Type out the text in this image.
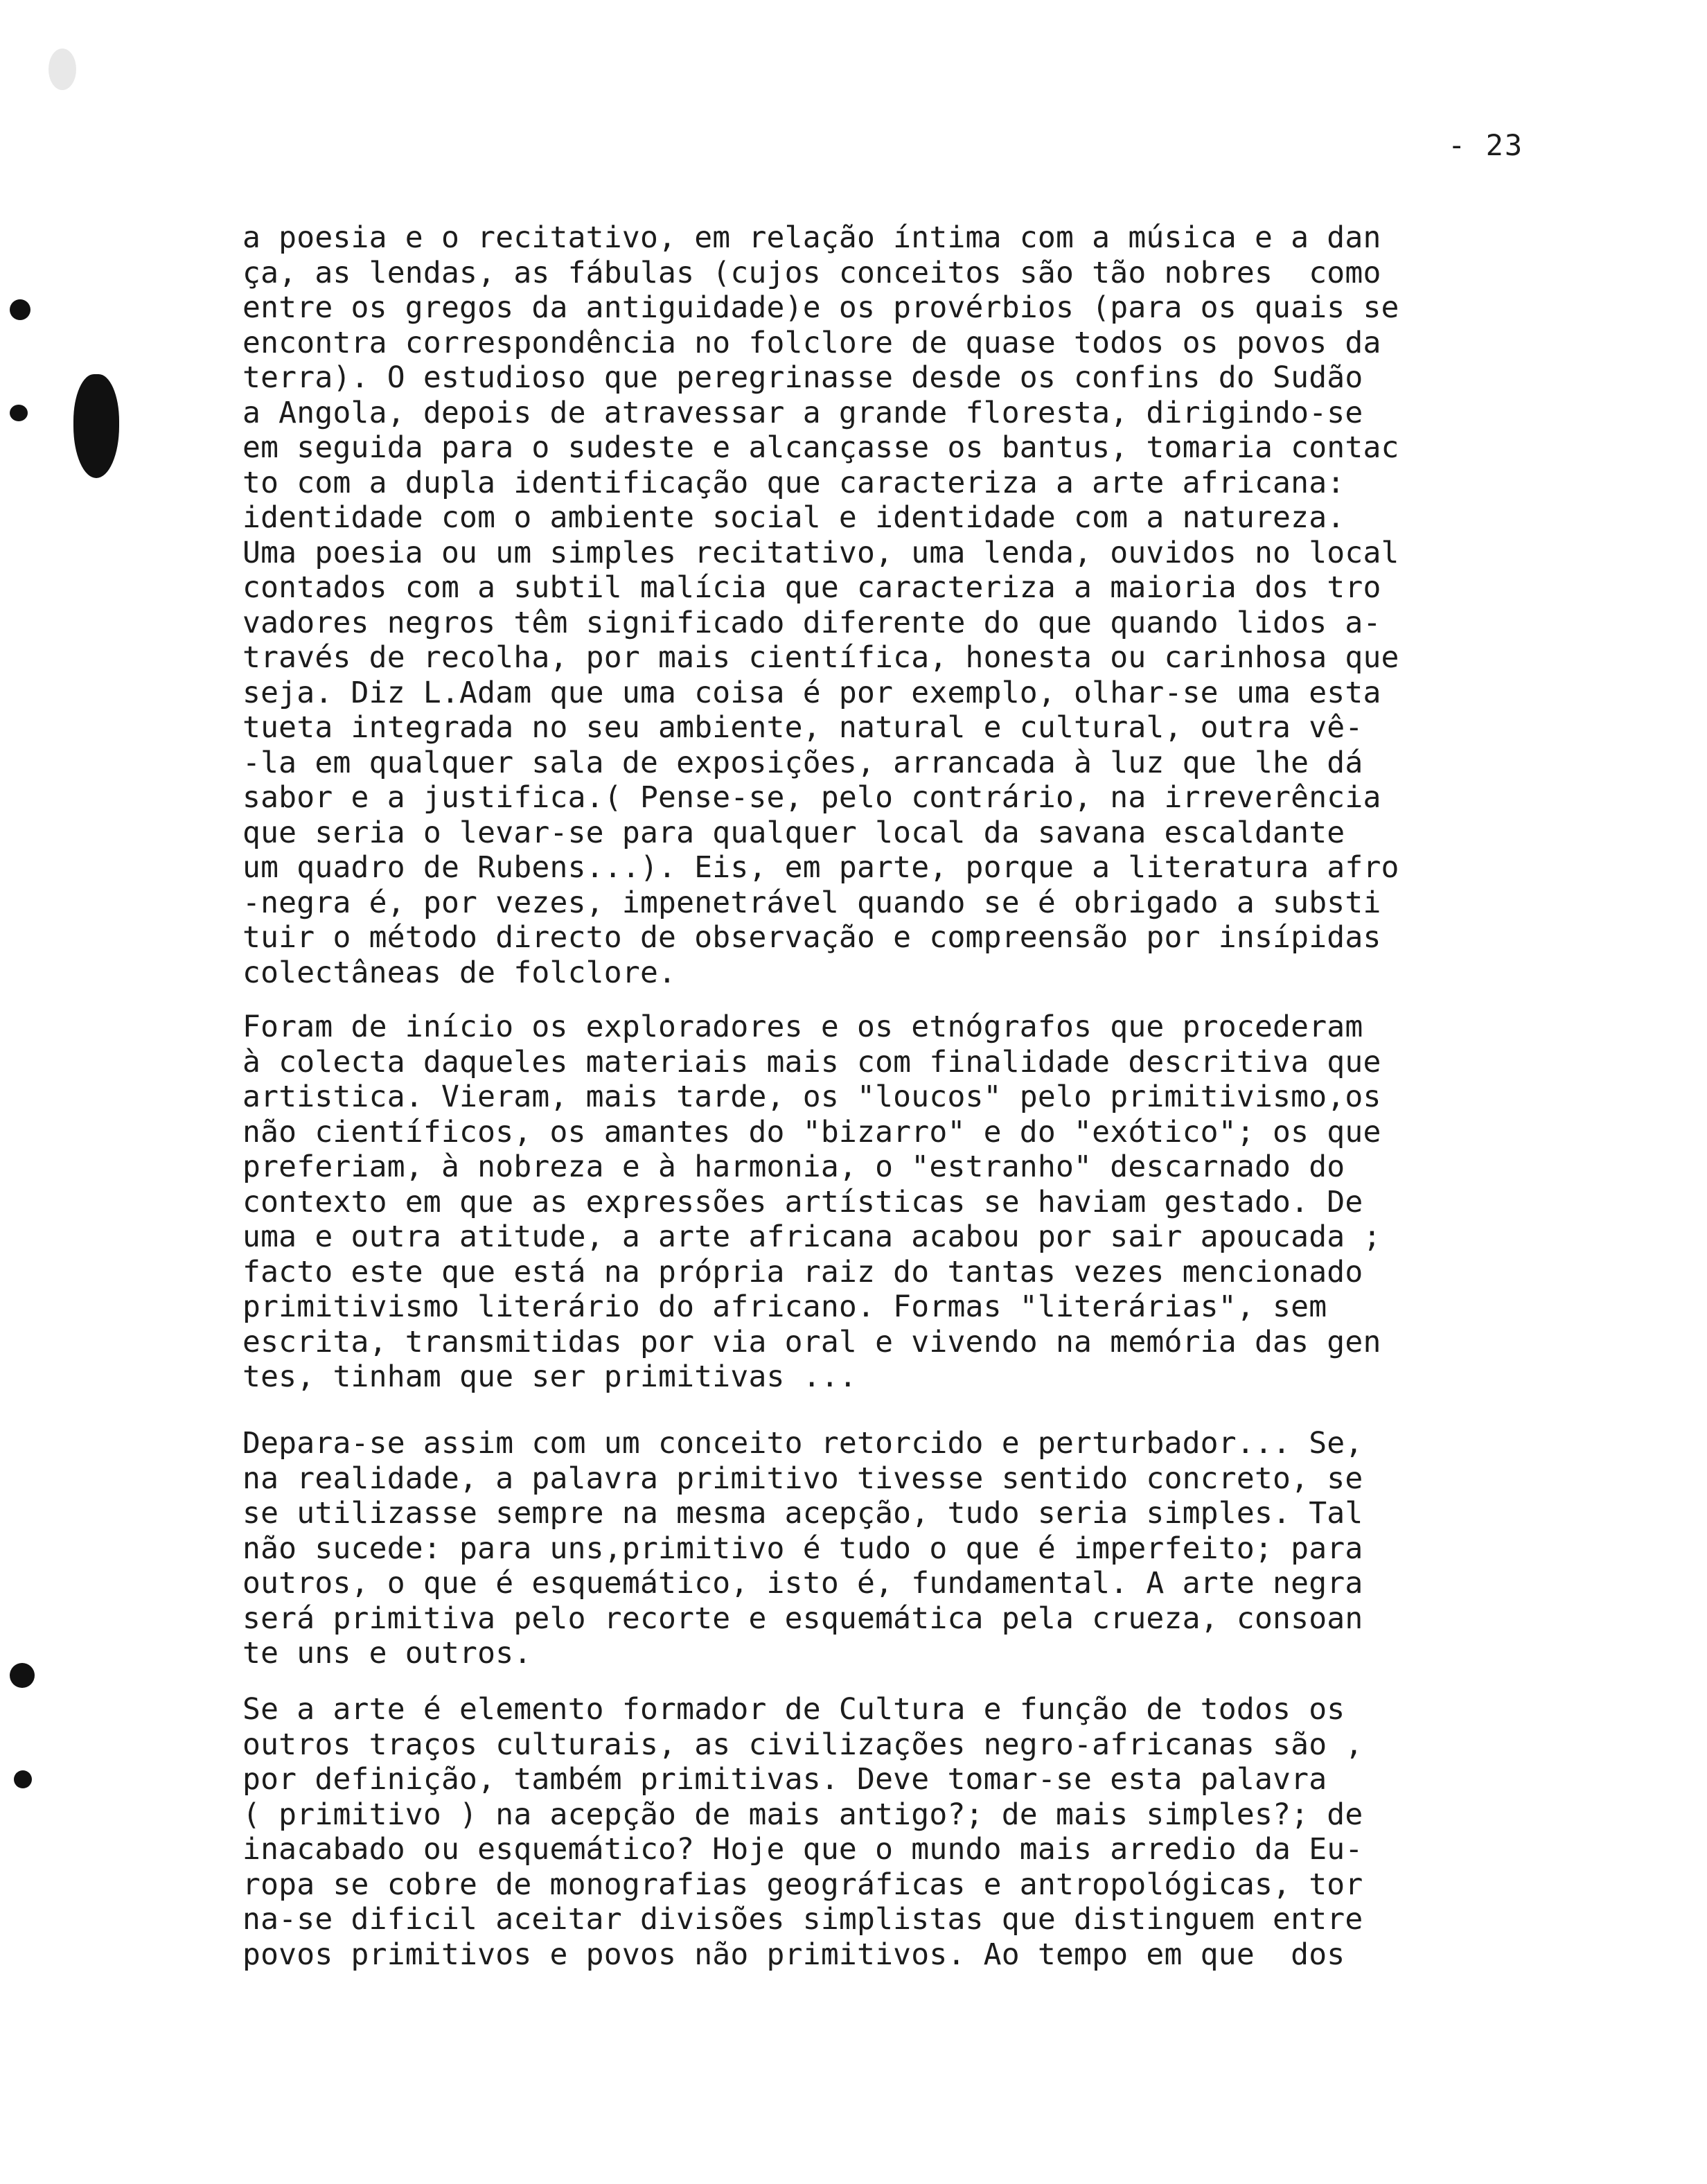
- 23
a poesia e o recitativo, em relação íntima com a música e a dan
ça, as lendas, as fábulas (cujos conceitos são tão nobres  como
entre os gregos da antiguidade)e os provérbios (para os quais se
encontra correspondência no folclore de quase todos os povos da
terra). O estudioso que peregrinasse desde os confins do Sudão
a Angola, depois de atravessar a grande floresta, dirigindo-se
em seguida para o sudeste e alcançasse os bantus, tomaria contac
to com a dupla identificação que caracteriza a arte africana:
identidade com o ambiente social e identidade com a natureza.
Uma poesia ou um simples recitativo, uma lenda, ouvidos no local
contados com a subtil malícia que caracteriza a maioria dos tro
vadores negros têm significado diferente do que quando lidos a-
través de recolha, por mais científica, honesta ou carinhosa que
seja. Diz L.Adam que uma coisa é por exemplo, olhar-se uma esta
tueta integrada no seu ambiente, natural e cultural, outra vê-
-la em qualquer sala de exposições, arrancada à luz que lhe dá
sabor e a justifica.( Pense-se, pelo contrário, na irreverência
que seria o levar-se para qualquer local da savana escaldante
um quadro de Rubens...). Eis, em parte, porque a literatura afro
-negra é, por vezes, impenetrável quando se é obrigado a substi
tuir o método directo de observação e compreensão por insípidas
colectâneas de folclore.
Foram de início os exploradores e os etnógrafos que procederam
à colecta daqueles materiais mais com finalidade descritiva que
artistica. Vieram, mais tarde, os "loucos" pelo primitivismo,os
não científicos, os amantes do "bizarro" e do "exótico"; os que
preferiam, à nobreza e à harmonia, o "estranho" descarnado do
contexto em que as expressões artísticas se haviam gestado. De
uma e outra atitude, a arte africana acabou por sair apoucada ;
facto este que está na própria raiz do tantas vezes mencionado
primitivismo literário do africano. Formas "literárias", sem
escrita, transmitidas por via oral e vivendo na memória das gen
tes, tinham que ser primitivas ...
Depara-se assim com um conceito retorcido e perturbador... Se,
na realidade, a palavra primitivo tivesse sentido concreto, se
se utilizasse sempre na mesma acepção, tudo seria simples. Tal
não sucede: para uns,primitivo é tudo o que é imperfeito; para
outros, o que é esquemático, isto é, fundamental. A arte negra
será primitiva pelo recorte e esquemática pela crueza, consoan
te uns e outros.
Se a arte é elemento formador de Cultura e função de todos os
outros traços culturais, as civilizações negro-africanas são ,
por definição, também primitivas. Deve tomar-se esta palavra
( primitivo ) na acepção de mais antigo?; de mais simples?; de
inacabado ou esquemático? Hoje que o mundo mais arredio da Eu-
ropa se cobre de monografias geográficas e antropológicas, tor
na-se dificil aceitar divisões simplistas que distinguem entre
povos primitivos e povos não primitivos. Ao tempo em que  dos
